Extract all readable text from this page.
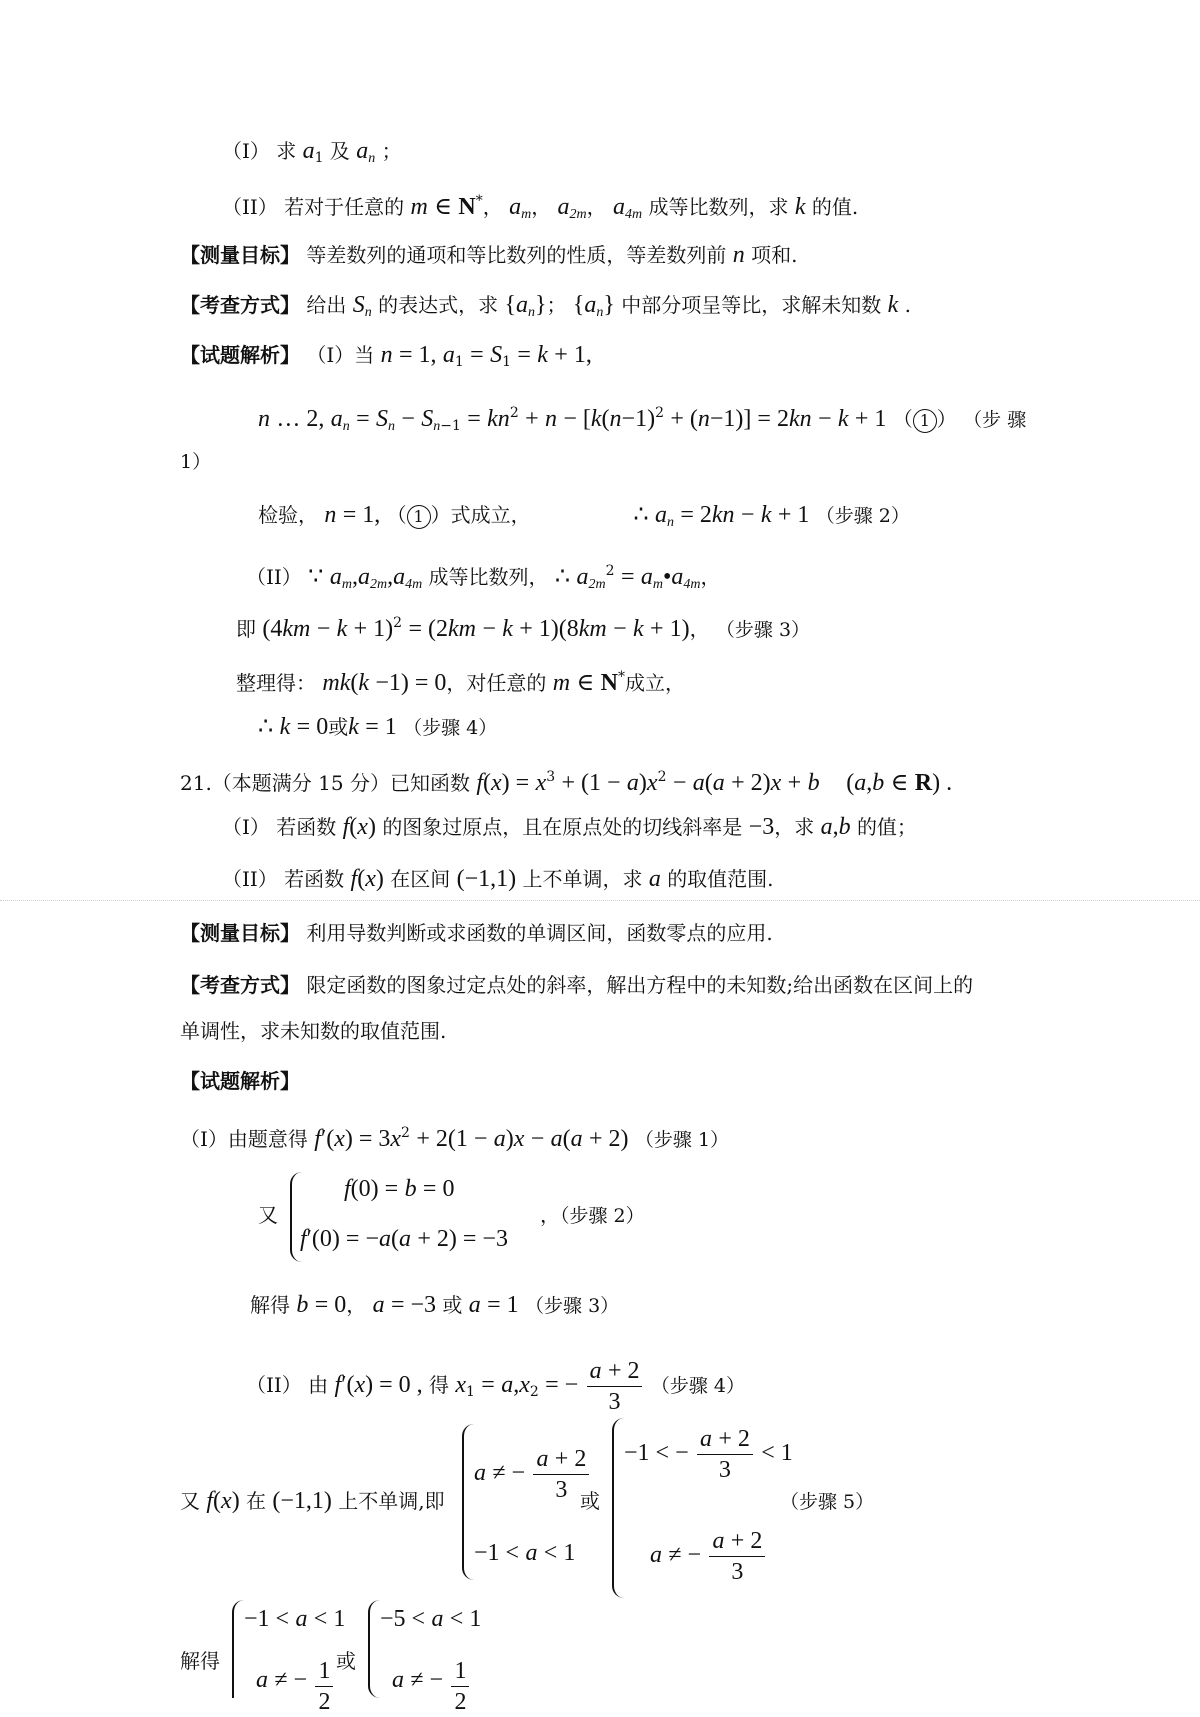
（I） 求 $a_1$ 及 $a_n$ ；
（II） 若对于任意的 m ∈ N*， $a_m$， $a_{2m}$， $a_{4m}$ 成等比数列，求 k 的值.
【测量目标】 等差数列的通项和等比数列的性质，等差数列前 n 项和.
【考查方式】 给出 $S_n$ 的表达式，求 $\{a_n\}$； $\{a_n\}$ 中部分项呈等比，求解未知数 k .
【试题解析】 （I）当 n = 1, $a_1 = S_1 = k + 1$,
n … 2, $a_n = S_n - S_{n-1} = kn^2 + n - [k(n-1)^2 + (n-1)] = 2kn - k + 1$ （ 1 ） （步 骤
1）
检验， n = 1, （ 1 ）式成立，	∴ $a_n = 2kn - k + 1$ （步骤 2）
（II） ∵ $a_m,a_{2m},a_{4m}$ 成等比数列， ∴ $a_{2m}^2$ = $a_m•a_{4m}$，
即 $(4km - k + 1)^2 = (2km - k + 1)(8km - k + 1)$， （步骤 3）
整理得： mk(k −1) = 0，对任意的 m ∈ N*成立，
∴ k = 0或k = 1 （步骤 4）
21.（本题满分 15 分）已知函数 $f(x) = x^3 + (1 - a)x^2 - a(a + 2)x + b$ (a,b ∈ R) .
（I） 若函数 f(x) 的图象过原点，且在原点处的切线斜率是 −3，求 a,b 的值；
（II） 若函数 f(x) 在区间 (−1,1) 上不单调，求 a 的取值范围.
【测量目标】 利用导数判断或求函数的单调区间，函数零点的应用.
【考查方式】 限定函数的图象过定点处的斜率，解出方程中的未知数;给出函数在区间上的
单调性，求未知数的取值范围.
【试题解析】
（I）由题意得 $f'(x) = 3x^2 + 2(1 - a)x - a(a + 2)$ （步骤 1）
又
f(0) = b = 0
f′(0) = −a(a + 2) = −3
，（步骤 2）
解得 b = 0， a = −3 或 a = 1 （步骤 3）
（II） 由 f′(x) = 0 , 得 $x_1 = a,x_2$ = − $\frac{a + 2}{3}$ （步骤 4）
又 f(x) 在 (−1,1) 上不单调,即
a ≠ − $\frac{a + 2}{3}$
−1 < a < 1
或
−1 < − $\frac{a + 2}{3} < 1$
a ≠ − $\frac{a + 2}{3}$
（步骤 5）
解得
−1 < a < 1
a ≠ − $\frac{1}{2}$ 或
−5 < a < 1
a ≠ − $\frac{1}{2}$
